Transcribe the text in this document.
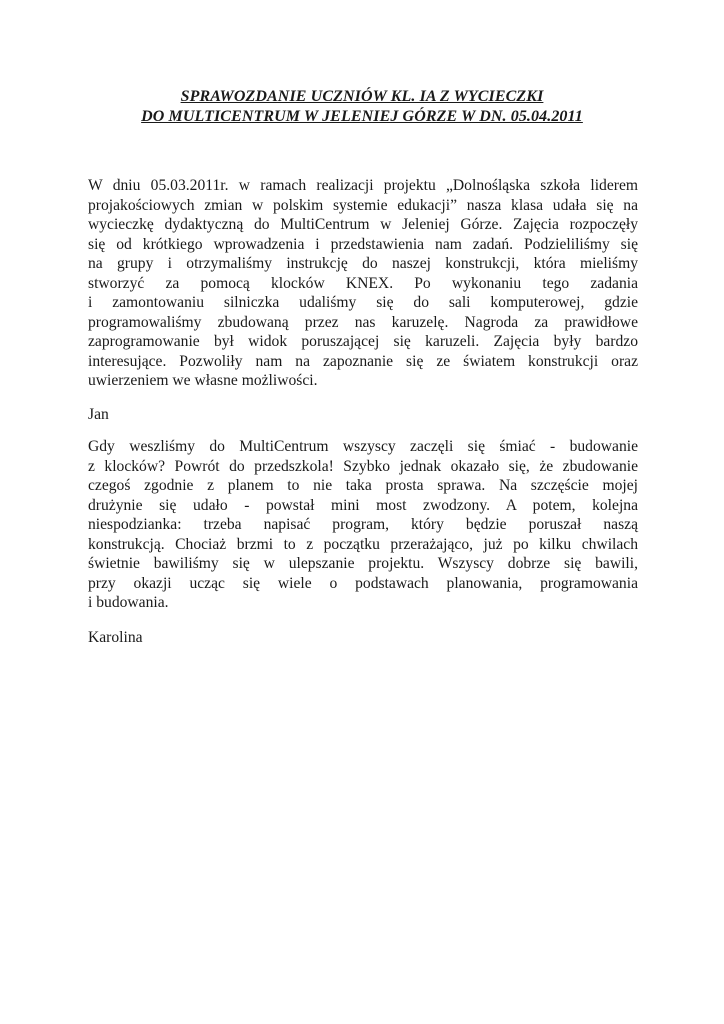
SPRAWOZDANIE UCZNIÓW KL. IA Z WYCIECZKI
DO MULTICENTRUM W JELENIEJ GÓRZE W DN. 05.04.2011
W dniu 05.03.2011r. w ramach realizacji projektu „Dolnośląska szkoła liderem
projakościowych zmian w polskim systemie edukacji” nasza klasa udała się na
wycieczkę dydaktyczną do MultiCentrum w Jeleniej Górze. Zajęcia rozpoczęły
się od krótkiego wprowadzenia i przedstawienia nam zadań. Podzieliliśmy się
na grupy i otrzymaliśmy instrukcję do naszej konstrukcji, która mieliśmy
stworzyć za pomocą klocków KNEX. Po wykonaniu tego zadania
i zamontowaniu silniczka udaliśmy się do sali komputerowej, gdzie
programowaliśmy zbudowaną przez nas karuzelę. Nagroda za prawidłowe
zaprogramowanie był widok poruszającej się karuzeli. Zajęcia były bardzo
interesujące. Pozwoliły nam na zapoznanie się ze światem konstrukcji oraz
uwierzeniem we własne możliwości.
Jan
Gdy weszliśmy do MultiCentrum wszyscy zaczęli się śmiać - budowanie
z klocków? Powrót do przedszkola! Szybko jednak okazało się, że zbudowanie
czegoś zgodnie z planem to nie taka prosta sprawa. Na szczęście mojej
drużynie się udało - powstał mini most zwodzony. A potem, kolejna
niespodzianka: trzeba napisać program, który będzie poruszał naszą
konstrukcją. Chociaż brzmi to z początku przerażająco, już po kilku chwilach
świetnie bawiliśmy się w ulepszanie projektu. Wszyscy dobrze się bawili,
przy okazji ucząc się wiele o podstawach planowania, programowania
i budowania.
Karolina
